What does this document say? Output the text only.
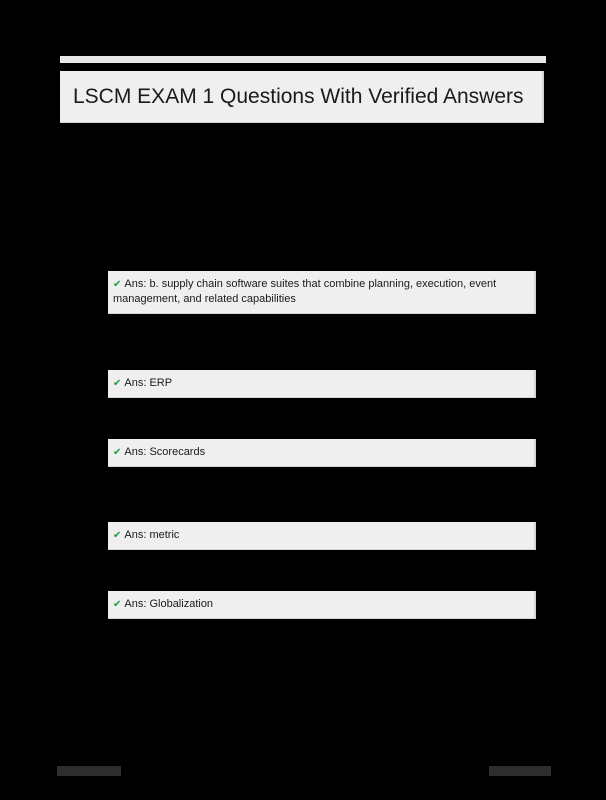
LSCM EXAM 1 Questions With Verified Answers
✔ Ans: b. supply chain software suites that combine planning, execution, event management, and related capabilities
✔ Ans: ERP
✔ Ans: Scorecards
✔ Ans: metric
✔ Ans: Globalization
